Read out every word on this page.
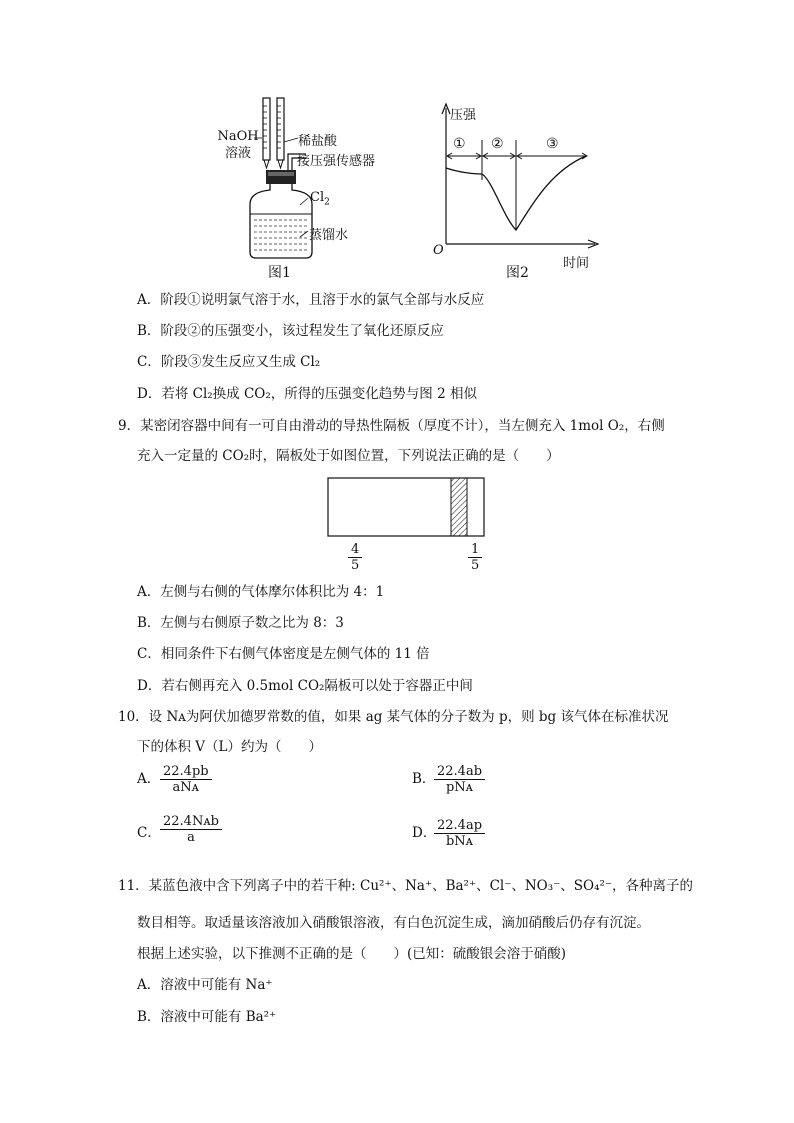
NaOH
溶液
稀盐酸
接压强传感器
$Cl_2$
蒸馏水
图1
压强
① ②	③
O
时间
图2
A．阶段①说明氯气溶于水，且溶于水的氯气全部与水反应
B．阶段②的压强变小，该过程发生了氧化还原反应
C．阶段③发生反应又生成 Cl₂
D．若将 Cl₂换成 CO₂，所得的压强变化趋势与图 2 相似
9．某密闭容器中间有一可自由滑动的导热性隔板（厚度不计），当左侧充入 1mol O₂，右侧
充入一定量的 CO₂时，隔板处于如图位置，下列说法正确的是（　　）
$\frac{4}{5}$	$\frac{1}{5}$
A．左侧与右侧的气体摩尔体积比为 4：1
B．左侧与右侧原子数之比为 8：3
C．相同条件下右侧气体密度是左侧气体的 11 倍
D．若右侧再充入 0.5mol CO₂隔板可以处于容器正中间
10．设 Nᴀ为阿伏加德罗常数的值，如果 ag 某气体的分子数为 p，则 bg 该气体在标准状况
下的体积 V（L）约为（　　）
A． 22.4pb
aNᴀ
B． 22.4ab
pNᴀ
C．
22.4Nᴀb
a	D． 22.4ap
bNᴀ
11．某蓝色液中含下列离子中的若干种: Cu²⁺、Na⁺、Ba²⁺、Cl⁻、NO₃⁻、SO₄²⁻，各种离子的
数目相等。取适量该溶液加入硝酸银溶液，有白色沉淀生成，滴加硝酸后仍存有沉淀。
根据上述实验，以下推测不正确的是（　　）(已知：硫酸银会溶于硝酸)
A．溶液中可能有 Na⁺
B．溶液中可能有 Ba²⁺
